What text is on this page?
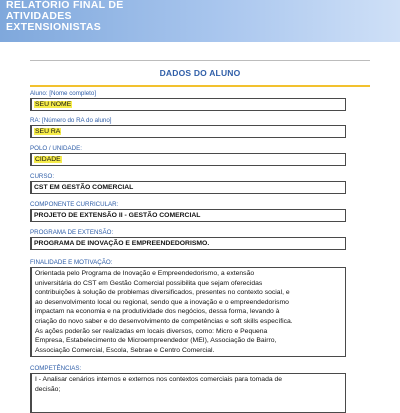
RELATÓRIO FINAL DE
ATIVIDADES
EXTENSIONISTAS
DADOS DO ALUNO
Aluno: [Nome completo]
SEU NOME
RA: [Número do RA do aluno]
SEU RA
POLO / UNIDADE:
CIDADE
CURSO:
CST EM GESTÃO COMERCIAL
COMPONENTE CURRICULAR:
PROJETO DE EXTENSÃO II - GESTÃO COMERCIAL
PROGRAMA DE EXTENSÃO:
PROGRAMA DE INOVAÇÃO E EMPREENDEDORISMO.
FINALIDADE E MOTIVAÇÃO:
Orientada pelo Programa de Inovação e Empreendedorismo, a extensão
universitária do CST em Gestão Comercial possibilita que sejam oferecidas
contribuições à solução de problemas diversificados, presentes no contexto social, e
ao desenvolvimento local ou regional, sendo que a inovação e o empreendedorismo
impactam na economia e na produtividade dos negócios, dessa forma, levando à
criação do novo saber e do desenvolvimento de competências e soft skills específica.
As ações poderão ser realizadas em locais diversos, como: Micro e Pequena
Empresa, Estabelecimento de Microempreendedor (MEI), Associação de Bairro,
Associação Comercial, Escola, Sebrae e Centro Comercial.
COMPETÊNCIAS:
I - Analisar cenários internos e externos nos contextos comerciais para tomada de
decisão;
